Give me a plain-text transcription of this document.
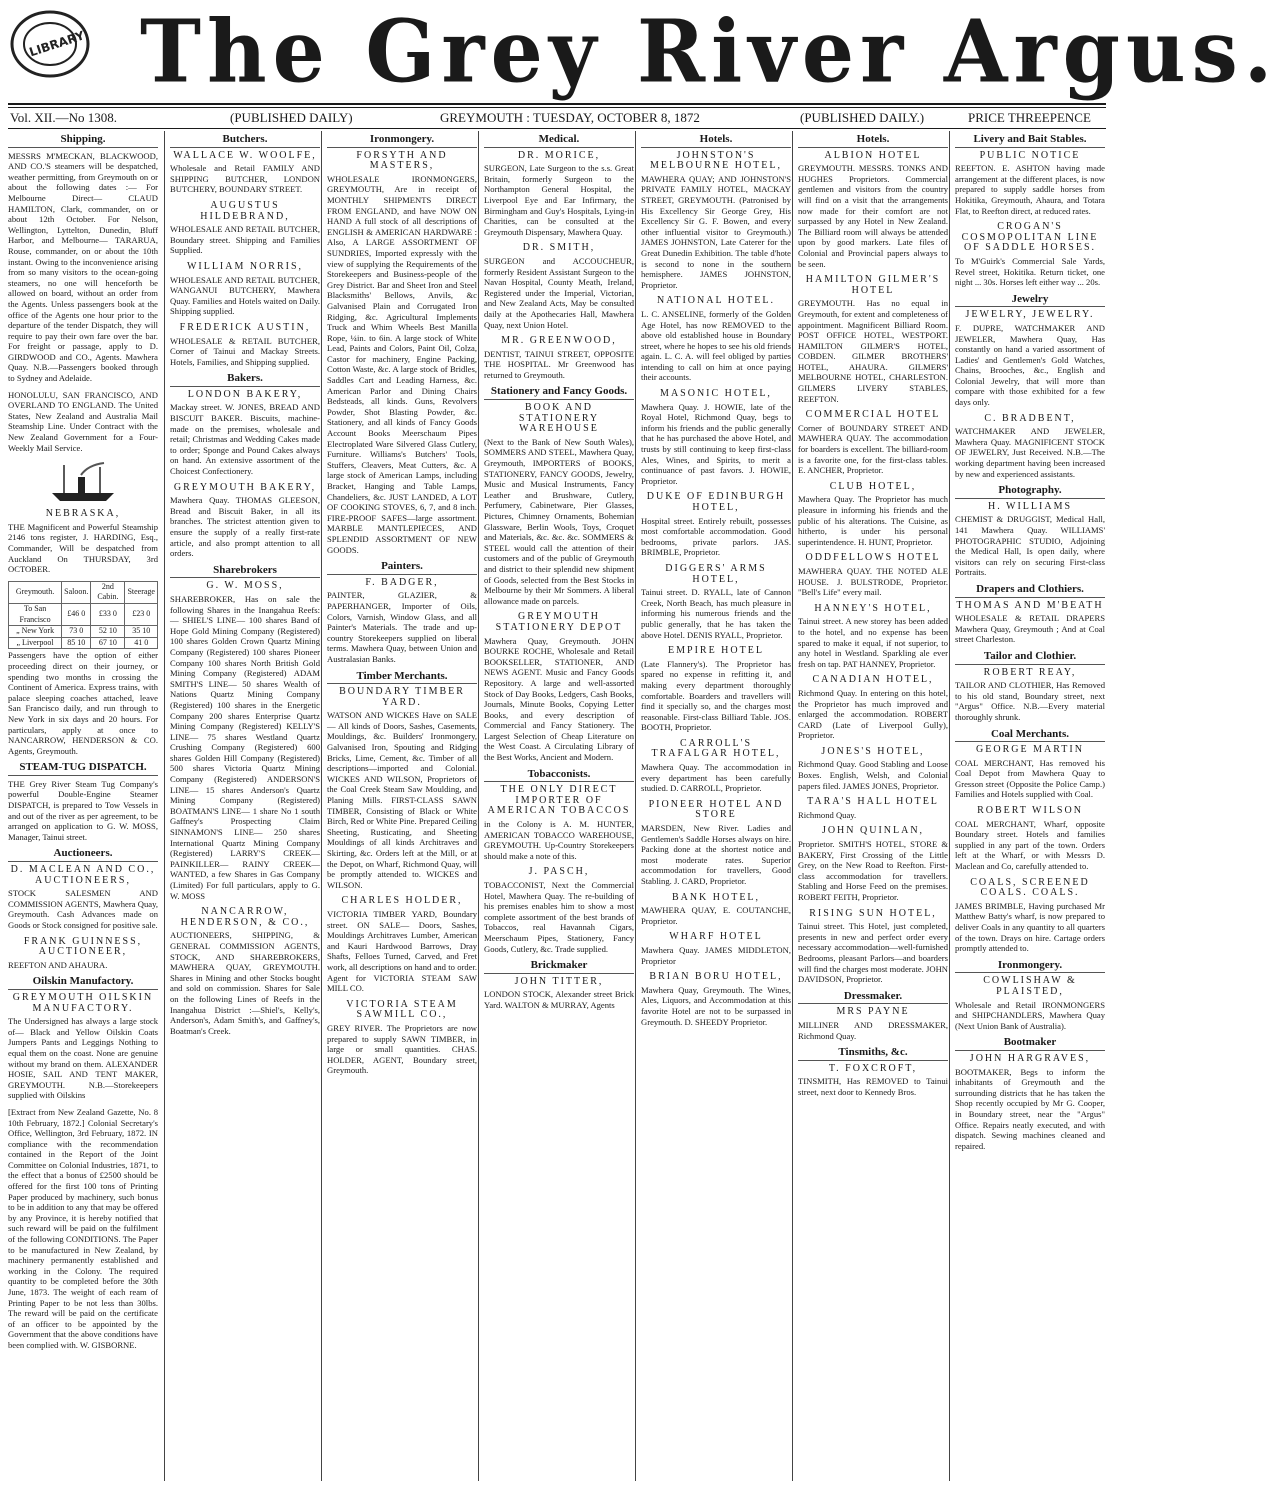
LIBRARY The Grey River Argus.
Vol. XII.—No 1308.	(PUBLISHED DAILY)	GREYMOUTH : TUESDAY, OCTOBER 8, 1872	(PUBLISHED DAILY.)	PRICE THREEPENCE
Shipping.
MESSRS M'MECKAN, BLACKWOOD, AND CO.'S steamers will be despatched, weather permitting, from Greymouth on or about the following dates :— For Melbourne Direct— CLAUD HAMILTON, Clark, commander, on or about 12th October. For Nelson, Wellington, Lyttelton, Dunedin, Bluff Harbor, and Melbourne— TARARUA, Rouse, commander, on or about the 10th instant. Owing to the inconvenience arising from so many visitors to the ocean-going steamers, no one will henceforth be allowed on board, without an order from the Agents. Unless passengers book at the office of the Agents one hour prior to the departure of the tender Dispatch, they will require to pay their own fare over the bar. For freight or passage, apply to D. GIRDWOOD and CO., Agents. Mawhera Quay. N.B.—Passengers booked through to Sydney and Adelaide.
HONOLULU, SAN FRANCISCO, AND OVERLAND TO ENGLAND. The United States, New Zealand and Australia Mail Steamship Line. Under Contract with the New Zealand Government for a Four-Weekly Mail Service.
NEBRASKA,
THE Magnificent and Powerful Steamship 2146 tons register, J. HARDING, Esq., Commander, Will be despatched from Auckland On THURSDAY, 3rd OCTOBER.
Greymouth.	Saloon.	2nd Cabin.	Steerage
To San Francisco	£46 0	£33 0	£23 0
„ New York	73 0	52 10	35 10
„ Liverpool	85 10	67 10	41 0
Passengers have the option of either proceeding direct on their journey, or spending two months in crossing the Continent of America. Express trains, with palace sleeping coaches attached, leave San Francisco daily, and run through to New York in six days and 20 hours. For particulars, apply at once to NANCARROW, HENDERSON & CO. Agents, Greymouth.
STEAM-TUG DISPATCH.
THE Grey River Steam Tug Company's powerful Double-Engine Steamer DISPATCH, is prepared to Tow Vessels in and out of the river as per agreement, to be arranged on application to G. W. MOSS, Manager, Tainui street.
Auctioneers.
D. MACLEAN AND CO., AUCTIONEERS,
STOCK SALESMEN AND COMMISSION AGENTS, Mawhera Quay, Greymouth. Cash Advances made on Goods or Stock consigned for positive sale.
FRANK GUINNESS, AUCTIONEER,
REEFTON AND AHAURA.
Oilskin Manufactory.
GREYMOUTH OILSKIN MANUFACTORY.
The Undersigned has always a large stock of— Black and Yellow Oilskin Coats Jumpers Pants and Leggings Nothing to equal them on the coast. None are genuine without my brand on them. ALEXANDER HOSIE, SAIL AND TENT MAKER, GREYMOUTH. N.B.—Storekeepers supplied with Oilskins
[Extract from New Zealand Gazette, No. 8 10th February, 1872.] Colonial Secretary's Office, Wellington, 3rd February, 1872. IN compliance with the recommendation contained in the Report of the Joint Committee on Colonial Industries, 1871, to the effect that a bonus of £2500 should be offered for the first 100 tons of Printing Paper produced by machinery, such bonus to be in addition to any that may be offered by any Province, it is hereby notified that such reward will be paid on the fulfilment of the following CONDITIONS. The Paper to be manufactured in New Zealand, by machinery permanently established and working in the Colony. The required quantity to be completed before the 30th June, 1873. The weight of each ream of Printing Paper to be not less than 30lbs. The reward will be paid on the certificate of an officer to be appointed by the Government that the above conditions have been complied with. W. GISBORNE.
Butchers.
WALLACE W. WOOLFE,
Wholesale and Retail FAMILY AND SHIPPING BUTCHER, LONDON BUTCHERY, BOUNDARY STREET.
AUGUSTUS HILDEBRAND,
WHOLESALE AND RETAIL BUTCHER, Boundary street. Shipping and Families Supplied.
WILLIAM NORRIS,
WHOLESALE AND RETAIL BUTCHER, WANGANUI BUTCHERY, Mawhera Quay. Families and Hotels waited on Daily. Shipping supplied.
FREDERICK AUSTIN,
WHOLESALE & RETAIL BUTCHER, Corner of Tainui and Mackay Streets. Hotels, Families, and Shipping supplied.
Bakers.
LONDON BAKERY,
Mackay street. W. JONES, BREAD AND BISCUIT BAKER. Biscuits, machine-made on the premises, wholesale and retail; Christmas and Wedding Cakes made to order; Sponge and Pound Cakes always on hand. An extensive assortment of the Choicest Confectionery.
GREYMOUTH BAKERY,
Mawhera Quay. THOMAS GLEESON, Bread and Biscuit Baker, in all its branches. The strictest attention given to ensure the supply of a really first-rate article, and also prompt attention to all orders.
Sharebrokers
G. W. MOSS,
SHAREBROKER, Has on sale the following Shares in the Inangahua Reefs:— SHIEL'S LINE— 100 shares Band of Hope Gold Mining Company (Registered) 100 shares Golden Crown Quartz Mining Company (Registered) 100 shares Pioneer Company 100 shares North British Gold Mining Company (Registered) ADAM SMITH'S LINE— 50 shares Wealth of Nations Quartz Mining Company (Registered) 100 shares in the Energetic Company 200 shares Enterprise Quartz Mining Company (Registered) KELLY'S LINE— 75 shares Westland Quartz Crushing Company (Registered) 600 shares Golden Hill Company (Registered) 500 shares Victoria Quartz Mining Company (Registered) ANDERSON'S LINE— 15 shares Anderson's Quartz Mining Company (Registered) BOATMAN'S LINE— 1 share No 1 south Gaffney's Prospecting Claim SINNAMON'S LINE— 250 shares International Quartz Mining Company (Registered) LARRY'S CREEK— PAINKILLER— RAINY CREEK— WANTED, a few Shares in Gas Company (Limited) For full particulars, apply to G. W. MOSS
NANCARROW, HENDERSON, & CO.,
AUCTIONEERS, SHIPPING, & GENERAL COMMISSION AGENTS, STOCK, AND SHAREBROKERS, MAWHERA QUAY, GREYMOUTH. Shares in Mining and other Stocks bought and sold on commission. Shares for Sale on the following Lines of Reefs in the Inangahua District :—Shiel's, Kelly's, Anderson's, Adam Smith's, and Gaffney's, Boatman's Creek.
Ironmongery.
FORSYTH AND MASTERS,
WHOLESALE IRONMONGERS, GREYMOUTH, Are in receipt of MONTHLY SHIPMENTS DIRECT FROM ENGLAND, and have NOW ON HAND A full stock of all descriptions of ENGLISH & AMERICAN HARDWARE : Also, A LARGE ASSORTMENT OF SUNDRIES, Imported expressly with the view of supplying the Requirements of the Storekeepers and Business-people of the Grey District. Bar and Sheet Iron and Steel Blacksmiths' Bellows, Anvils, &c Galvanised Plain and Corrugated Iron Ridging, &c. Agricultural Implements Truck and Whim Wheels Best Manilla Rope, ¼in. to 6in. A large stock of White Lead, Paints and Colors, Paint Oil, Colza, Castor for machinery, Engine Packing, Cotton Waste, &c. A large stock of Bridles, Saddles Cart and Leading Harness, &c. American Parlor and Dining Chairs Bedsteads, all kinds. Guns, Revolvers Powder, Shot Blasting Powder, &c. Stationery, and all kinds of Fancy Goods Account Books Meerschaum Pipes Electroplated Ware Silvered Glass Cutlery, Furniture. Williams's Butchers' Tools, Stuffers, Cleavers, Meat Cutters, &c. A large stock of American Lamps, including Bracket, Hanging and Table Lamps, Chandeliers, &c. JUST LANDED, A LOT OF COOKING STOVES, 6, 7, and 8 inch. FIRE-PROOF SAFES—large assortment. MARBLE MANTLEPIECES, AND SPLENDID ASSORTMENT OF NEW GOODS.
Painters.
F. BADGER,
PAINTER, GLAZIER, & PAPERHANGER, Importer of Oils, Colors, Varnish, Window Glass, and all Painter's Materials. The trade and up-country Storekeepers supplied on liberal terms. Mawhera Quay, between Union and Australasian Banks.
Timber Merchants.
BOUNDARY TIMBER YARD.
WATSON AND WICKES Have on SALE— All kinds of Doors, Sashes, Casements, Mouldings, &c. Builders' Ironmongery, Galvanised Iron, Spouting and Ridging Bricks, Lime, Cement, &c. Timber of all descriptions—imported and Colonial. WICKES AND WILSON, Proprietors of the Coal Creek Steam Saw Moulding, and Planing Mills. FIRST-CLASS SAWN TIMBER, Consisting of Black or White Birch, Red or White Pine. Prepared Ceiling Sheeting, Rusticating, and Sheeting Mouldings of all kinds Architraves and Skirting, &c. Orders left at the Mill, or at the Depot, on Wharf, Richmond Quay, will be promptly attended to. WICKES and WILSON.
CHARLES HOLDER,
VICTORIA TIMBER YARD, Boundary street. ON SALE— Doors, Sashes, Mouldings Architraves Lumber, American and Kauri Hardwood Barrows, Dray Shafts, Felloes Turned, Carved, and Fret work, all descriptions on hand and to order. Agent for VICTORIA STEAM SAW MILL CO.
VICTORIA STEAM SAWMILL CO.,
GREY RIVER. The Proprietors are now prepared to supply SAWN TIMBER, in large or small quantities. CHAS. HOLDER, AGENT, Boundary street, Greymouth.
Medical.
DR. MORICE,
SURGEON, Late Surgeon to the s.s. Great Britain, formerly Surgeon to the Northampton General Hospital, the Liverpool Eye and Ear Infirmary, the Birmingham and Guy's Hospitals, Lying-in Charities, can be consulted at the Greymouth Dispensary, Mawhera Quay.
DR. SMITH,
SURGEON and ACCOUCHEUR, formerly Resident Assistant Surgeon to the Navan Hospital, County Meath, Ireland, Registered under the Imperial, Victorian, and New Zealand Acts, May be consulted daily at the Apothecaries Hall, Mawhera Quay, next Union Hotel.
MR. GREENWOOD,
DENTIST, TAINUI STREET, OPPOSITE THE HOSPITAL. Mr Greenwood has returned to Greymouth.
Stationery and Fancy Goods.
BOOK AND STATIONERY WAREHOUSE
(Next to the Bank of New South Wales), SOMMERS AND STEEL, Mawhera Quay, Greymouth, IMPORTERS of BOOKS, STATIONERY, FANCY GOODS, Jewelry, Music and Musical Instruments, Fancy Leather and Brushware, Cutlery, Perfumery, Cabinetware, Pier Glasses, Pictures, Chimney Ornaments, Bohemian Glassware, Berlin Wools, Toys, Croquet and Materials, &c. &c. &c. SOMMERS & STEEL would call the attention of their customers and of the public of Greymouth and district to their splendid new shipment of Goods, selected from the Best Stocks in Melbourne by their Mr Sommers. A liberal allowance made on parcels.
GREYMOUTH STATIONERY DEPOT
Mawhera Quay, Greymouth. JOHN BOURKE ROCHE, Wholesale and Retail BOOKSELLER, STATIONER, AND NEWS AGENT. Music and Fancy Goods Repository. A large and well-assorted Stock of Day Books, Ledgers, Cash Books, Journals, Minute Books, Copying Letter Books, and every description of Commercial and Fancy Stationery. The Largest Selection of Cheap Literature on the West Coast. A Circulating Library of the Best Works, Ancient and Modern.
Tobacconists.
THE ONLY DIRECT IMPORTER OF AMERICAN TOBACCOS
in the Colony is A. M. HUNTER, AMERICAN TOBACCO WAREHOUSE, GREYMOUTH. Up-Country Storekeepers should make a note of this.
J. PASCH,
TOBACCONIST, Next the Commercial Hotel, Mawhera Quay. The re-building of his premises enables him to show a most complete assortment of the best brands of Tobaccos, real Havannah Cigars, Meerschaum Pipes, Stationery, Fancy Goods, Cutlery, &c. Trade supplied.
Brickmaker
JOHN TITTER,
LONDON STOCK, Alexander street Brick Yard. WALTON & MURRAY, Agents
Hotels.
JOHNSTON'S MELBOURNE HOTEL,
MAWHERA QUAY; AND JOHNSTON'S PRIVATE FAMILY HOTEL, MACKAY STREET, GREYMOUTH. (Patronised by His Excellency Sir George Grey, His Excellency Sir G. F. Bowen, and every other influential visitor to Greymouth.) JAMES JOHNSTON, Late Caterer for the Great Dunedin Exhibition. The table d'hote is second to none in the southern hemisphere. JAMES JOHNSTON, Proprietor.
NATIONAL HOTEL.
L. C. ANSELINE, formerly of the Golden Age Hotel, has now REMOVED to the above old established house in Boundary street, where he hopes to see his old friends again. L. C. A. will feel obliged by parties intending to call on him at once paying their accounts.
MASONIC HOTEL,
Mawhera Quay. J. HOWIE, late of the Royal Hotel, Richmond Quay, begs to inform his friends and the public generally that he has purchased the above Hotel, and trusts by still continuing to keep first-class Ales, Wines, and Spirits, to merit a continuance of past favors. J. HOWIE, Proprietor.
DUKE OF EDINBURGH HOTEL,
Hospital street. Entirely rebuilt, possesses most comfortable accommodation. Good bedrooms, private parlors. JAS. BRIMBLE, Proprietor.
DIGGERS' ARMS HOTEL,
Tainui street. D. RYALL, late of Cannon Creek, North Beach, has much pleasure in informing his numerous friends and the public generally, that he has taken the above Hotel. DENIS RYALL, Proprietor.
EMPIRE HOTEL
(Late Flannery's). The Proprietor has spared no expense in refitting it, and making every department thoroughly comfortable. Boarders and travellers will find it specially so, and the charges most reasonable. First-class Billiard Table. JOS. BOOTH, Proprietor.
CARROLL'S TRAFALGAR HOTEL,
Mawhera Quay. The accommodation in every department has been carefully studied. D. CARROLL, Proprietor.
PIONEER HOTEL AND STORE
MARSDEN, New River. Ladies and Gentlemen's Saddle Horses always on hire. Packing done at the shortest notice and most moderate rates. Superior accommodation for travellers, Good Stabling. J. CARD, Proprietor.
BANK HOTEL,
MAWHERA QUAY, E. COUTANCHE, Proprietor.
WHARF HOTEL
Mawhera Quay. JAMES MIDDLETON, Proprietor
BRIAN BORU HOTEL,
Mawhera Quay, Greymouth. The Wines, Ales, Liquors, and Accommodation at this favorite Hotel are not to be surpassed in Greymouth. D. SHEEDY Proprietor.
Hotels.
ALBION HOTEL
GREYMOUTH. MESSRS. TONKS AND HUGHES Proprietors. Commercial gentlemen and visitors from the country will find on a visit that the arrangements now made for their comfort are not surpassed by any Hotel in New Zealand. The Billiard room will always be attended upon by good markers. Late files of Colonial and Provincial papers always to be seen.
HAMILTON GILMER'S HOTEL
GREYMOUTH. Has no equal in Greymouth, for extent and completeness of appointment. Magnificent Billiard Room. POST OFFICE HOTEL, WESTPORT. HAMILTON GILMER'S HOTEL, COBDEN. GILMER BROTHERS' HOTEL, AHAURA. GILMERS' MELBOURNE HOTEL, CHARLESTON. GILMERS LIVERY STABLES, REEFTON.
COMMERCIAL HOTEL
Corner of BOUNDARY STREET AND MAWHERA QUAY. The accommodation for boarders is excellent. The billiard-room is a favorite one, for the first-class tables. E. ANCHER, Proprietor.
CLUB HOTEL,
Mawhera Quay. The Proprietor has much pleasure in informing his friends and the public of his alterations. The Cuisine, as hitherto, is under his personal superintendence. H. HUNT, Proprietor.
ODDFELLOWS HOTEL
MAWHERA QUAY. THE NOTED ALE HOUSE. J. BULSTRODE, Proprietor. "Bell's Life" every mail.
HANNEY'S HOTEL,
Tainui street. A new storey has been added to the hotel, and no expense has been spared to make it equal, if not superior, to any hotel in Westland. Sparkling ale ever fresh on tap. PAT HANNEY, Proprietor.
CANADIAN HOTEL,
Richmond Quay. In entering on this hotel, the Proprietor has much improved and enlarged the accommodation. ROBERT CARD (Late of Liverpool Gully), Proprietor.
JONES'S HOTEL,
Richmond Quay. Good Stabling and Loose Boxes. English, Welsh, and Colonial papers filed. JAMES JONES, Proprietor.
TARA'S HALL HOTEL
Richmond Quay.
JOHN QUINLAN,
Proprietor. SMITH'S HOTEL, STORE & BAKERY, First Crossing of the Little Grey, on the New Road to Reefton. First-class accommodation for travellers. Stabling and Horse Feed on the premises. ROBERT FEITH, Proprietor.
RISING SUN HOTEL,
Tainui street. This Hotel, just completed, presents in new and perfect order every necessary accommodation—well-furnished Bedrooms, pleasant Parlors—and boarders will find the charges most moderate. JOHN DAVIDSON, Proprietor.
Dressmaker.
MRS PAYNE
MILLINER AND DRESSMAKER, Richmond Quay.
Tinsmiths, &c.
T. FOXCROFT,
TINSMITH, Has REMOVED to Tainui street, next door to Kennedy Bros.
Livery and Bait Stables.
PUBLIC NOTICE
REEFTON. E. ASHTON having made arrangement at the different places, is now prepared to supply saddle horses from Hokitika, Greymouth, Ahaura, and Totara Flat, to Reefton direct, at reduced rates.
CROGAN'S COSMOPOLITAN LINE OF SADDLE HORSES.
To M'Guirk's Commercial Sale Yards, Revel street, Hokitika. Return ticket, one night ... 30s. Horses left either way ... 20s.
Jewelry
JEWELRY, JEWELRY.
F. DUPRE, WATCHMAKER AND JEWELER, Mawhera Quay, Has constantly on hand a varied assortment of Ladies' and Gentlemen's Gold Watches, Chains, Brooches, &c., English and Colonial Jewelry, that will more than compare with those exhibited for a few days only.
C. BRADBENT,
WATCHMAKER AND JEWELER, Mawhera Quay. MAGNIFICENT STOCK OF JEWELRY, Just Received. N.B.—The working department having been increased by new and experienced assistants.
Photography.
H. WILLIAMS
CHEMIST & DRUGGIST, Medical Hall, 141 Mawhera Quay. WILLIAMS' PHOTOGRAPHIC STUDIO, Adjoining the Medical Hall, Is open daily, where visitors can rely on securing First-class Portraits.
Drapers and Clothiers.
THOMAS AND M'BEATH
WHOLESALE & RETAIL DRAPERS Mawhera Quay, Greymouth ; And at Coal street Charleston.
Tailor and Clothier.
ROBERT REAY,
TAILOR AND CLOTHIER, Has Removed to his old stand, Boundary street, next "Argus" Office. N.B.—Every material thoroughly shrunk.
Coal Merchants.
GEORGE MARTIN
COAL MERCHANT, Has removed his Coal Depot from Mawhera Quay to Gresson street (Opposite the Police Camp.) Families and Hotels supplied with Coal.
ROBERT WILSON
COAL MERCHANT, Wharf, opposite Boundary street. Hotels and families supplied in any part of the town. Orders left at the Wharf, or with Messrs D. Maclean and Co, carefully attended to.
COALS, SCREENED COALS. COALS.
JAMES BRIMBLE, Having purchased Mr Matthew Batty's wharf, is now prepared to deliver Coals in any quantity to all quarters of the town. Drays on hire. Cartage orders promptly attended to.
Ironmongery.
COWLISHAW & PLAISTED,
Wholesale and Retail IRONMONGERS and SHIPCHANDLERS, Mawhera Quay (Next Union Bank of Australia).
Bootmaker
JOHN HARGRAVES,
BOOTMAKER, Begs to inform the inhabitants of Greymouth and the surrounding districts that he has taken the Shop recently occupied by Mr G. Cooper, in Boundary street, near the "Argus" Office. Repairs neatly executed, and with dispatch. Sewing machines cleaned and repaired.
